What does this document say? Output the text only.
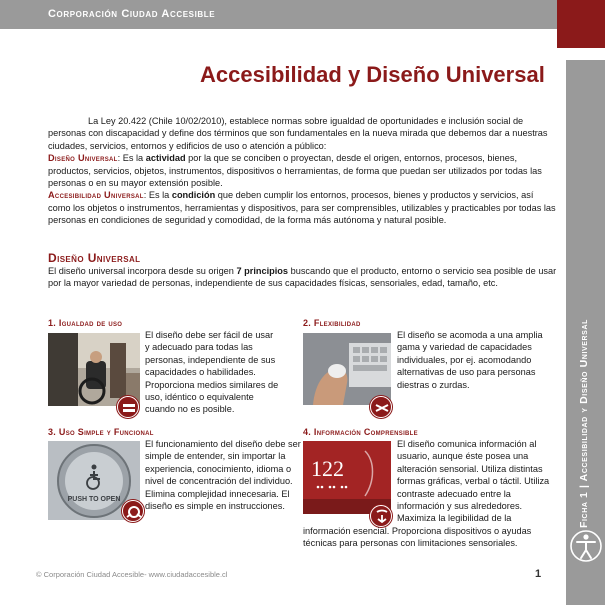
Corporación Ciudad Accesible
Ficha 1 | Accesibilidad y Diseño Universal
Accesibilidad y Diseño Universal

La Ley 20.422 (Chile 10/02/2010), establece normas sobre igualdad de oportunidades e inclusión social de personas con discapacidad y define dos términos que son fundamentales en la nueva mirada que debemos dar a nuestras ciudades, servicios, entornos y edificios de uso o atención a público:

Diseño Universal: Es la actividad por la que se conciben o proyectan, desde el origen, entornos, procesos, bienes, productos, servicios, objetos, instrumentos, dispositivos o herramientas, de forma que puedan ser utilizados por todas las personas o en su mayor extensión posible.

Accesibilidad Universal: Es la condición que deben cumplir los entornos, procesos, bienes y productos y servicios, así como los objetos o instrumentos, herramientas y dispositivos, para ser comprensibles, utilizables y practicables por todas las personas en condiciones de seguridad y comodidad, de la forma más autónoma y natural posible.

Diseño Universal

El diseño universal incorpora desde su origen 7 principios buscando que el producto, entorno o servicio sea posible de usar por la mayor variedad de personas, independiente de sus capacidades físicas, sensoriales, edad, tamaño, etc.

1. Igualdad de uso
El diseño debe ser fácil de usar y adecuado para todas las personas, independiente de sus capacidades o habilidades. Proporciona medios similares de uso, idéntico o equivalente cuando no es posible.
2. Flexibilidad
El diseño se acomoda a una amplia gama y variedad de capacidades individuales, por ej. acomodando alternativas de uso para personas diestras o zurdas.
3. Uso Simple y Funcional
PUSH TO OPEN
El funcionamiento del diseño debe ser simple de entender, sin importar la experiencia, conocimiento, idioma o nivel de concentración del individuo. Elimina complejidad innecesaria. El diseño es simple en instrucciones.
4. Información Comprensible
122
El diseño comunica información al usuario, aunque éste posea una alteración sensorial. Utiliza distintas formas gráficas, verbal o táctil. Utiliza contraste adecuado entre la información y sus alrededores. Maximiza la legibilidad de la información esencial. Proporciona dispositivos o ayudas técnicas para personas con limitaciones sensoriales.
© Corporación Ciudad Accesible- www.ciudadaccesible.cl	1
